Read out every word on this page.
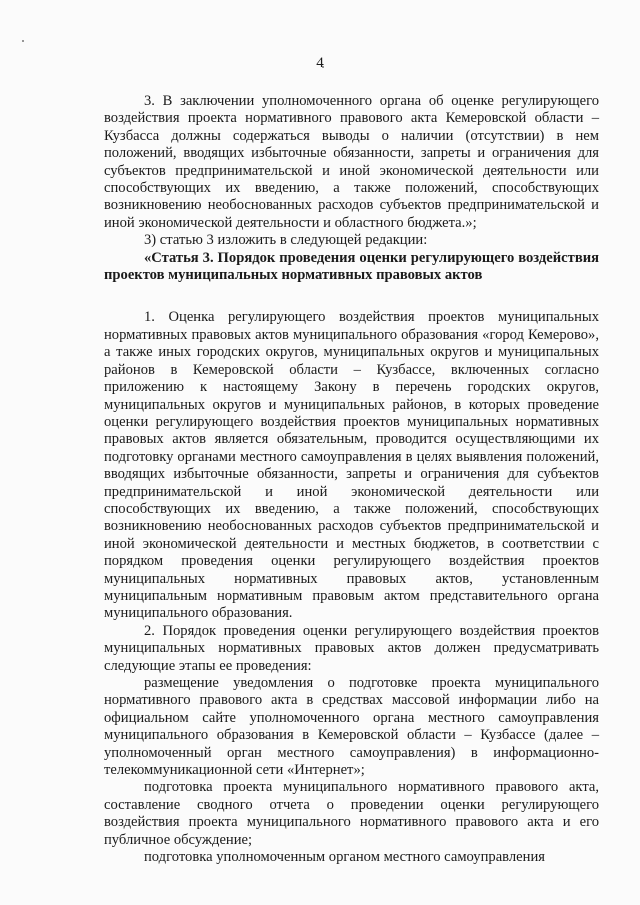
4

3. В заключении уполномоченного органа об оценке регулирующего воздействия проекта нормативного правового акта Кемеровской области – Кузбасса должны содержаться выводы о наличии (отсутствии) в нем положений, вводящих избыточные обязанности, запреты и ограничения для субъектов предпринимательской и иной экономической деятельности или способствующих их введению, а также положений, способствующих возникновению необоснованных расходов субъектов предпринимательской и иной экономической деятельности и областного бюджета.»;

3) статью 3 изложить в следующей редакции:

«Статья 3. Порядок проведения оценки регулирующего воздействия проектов муниципальных нормативных правовых актов

1. Оценка регулирующего воздействия проектов муниципальных нормативных правовых актов муниципального образования «город Кемерово», а также иных городских округов, муниципальных округов и муниципальных районов в Кемеровской области – Кузбассе, включенных согласно приложению к настоящему Закону в перечень городских округов, муниципальных округов и муниципальных районов, в которых проведение оценки регулирующего воздействия проектов муниципальных нормативных правовых актов является обязательным, проводится осуществляющими их подготовку органами местного самоуправления в целях выявления положений, вводящих избыточные обязанности, запреты и ограничения для субъектов предпринимательской и иной экономической деятельности или способствующих их введению, а также положений, способствующих возникновению необоснованных расходов субъектов предпринимательской и иной экономической деятельности и местных бюджетов, в соответствии с порядком проведения оценки регулирующего воздействия проектов муниципальных нормативных правовых актов, установленным муниципальным нормативным правовым актом представительного органа муниципального образования.

2. Порядок проведения оценки регулирующего воздействия проектов муниципальных нормативных правовых актов должен предусматривать следующие этапы ее проведения:

размещение уведомления о подготовке проекта муниципального нормативного правового акта в средствах массовой информации либо на официальном сайте уполномоченного органа местного самоуправления муниципального образования в Кемеровской области – Кузбассе (далее – уполномоченный орган местного самоуправления) в информационно-телекоммуникационной сети «Интернет»;

подготовка проекта муниципального нормативного правового акта, составление сводного отчета о проведении оценки регулирующего воздействия проекта муниципального нормативного правового акта и его публичное обсуждение;

подготовка уполномоченным органом местного самоуправления
